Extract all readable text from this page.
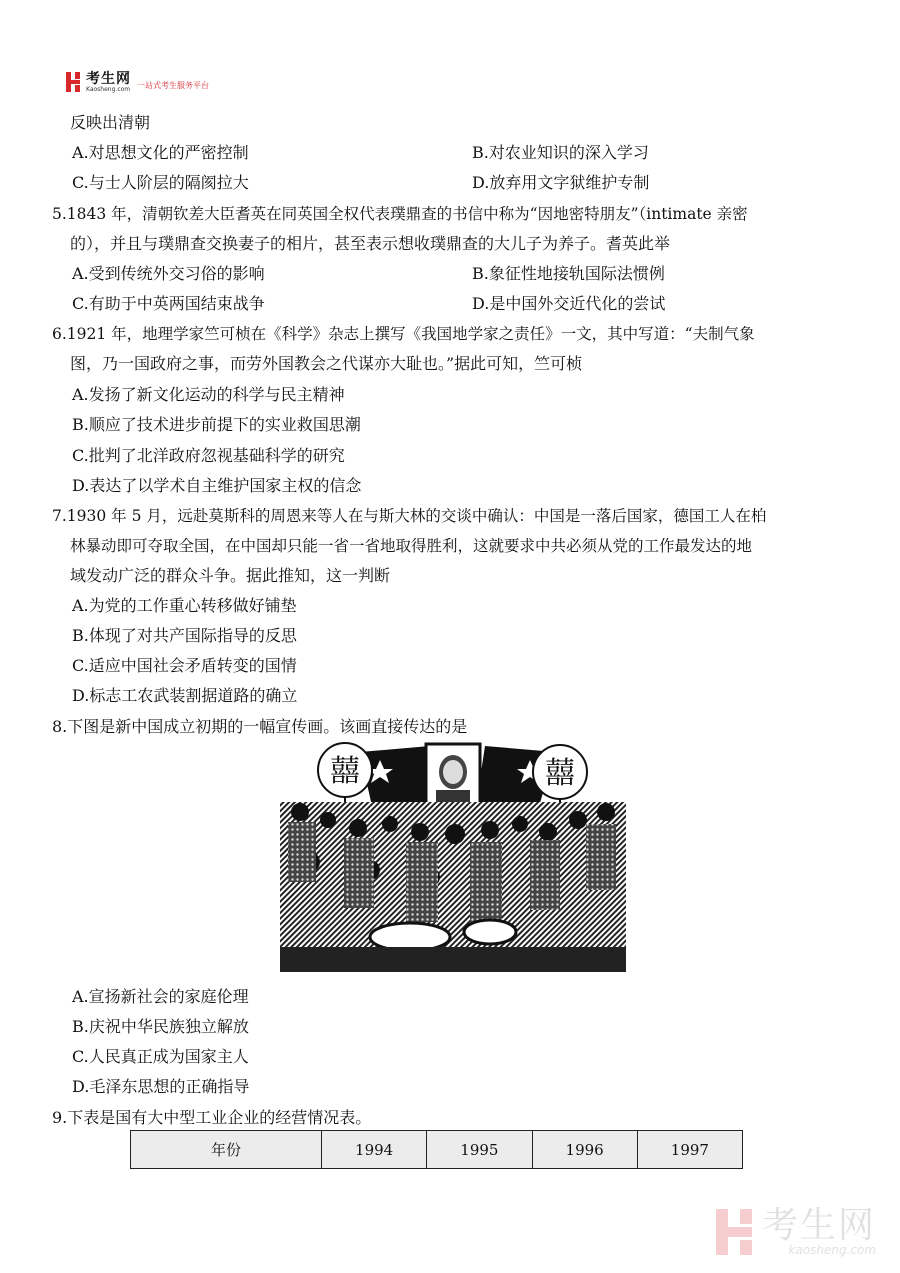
考生网
Kaosheng.com 一站式考生服务平台
反映出清朝
A.对思想文化的严密控制	B.对农业知识的深入学习
C.与士人阶层的隔阂拉大	D.放弃用文字狱维护专制
5.1843 年，清朝钦差大臣耆英在同英国全权代表璞鼎查的书信中称为“因地密特朋友”（intimate 亲密
的），并且与璞鼎查交换妻子的相片，甚至表示想收璞鼎查的大儿子为养子。耆英此举
A.受到传统外交习俗的影响	B.象征性地接轨国际法惯例
C.有助于中英两国结束战争	D.是中国外交近代化的尝试
6.1921 年，地理学家竺可桢在《科学》杂志上撰写《我国地学家之责任》一文，其中写道：“夫制气象
图，乃一国政府之事，而劳外国教会之代谋亦大耻也。”据此可知，竺可桢
A.发扬了新文化运动的科学与民主精神
B.顺应了技术进步前提下的实业救国思潮
C.批判了北洋政府忽视基础科学的研究
D.表达了以学术自主维护国家主权的信念
7.1930 年 5 月，远赴莫斯科的周恩来等人在与斯大林的交谈中确认：中国是一落后国家，德国工人在柏
林暴动即可夺取全国，在中国却只能一省一省地取得胜利，这就要求中共必须从党的工作最发达的地
域发动广泛的群众斗争。据此推知，这一判断
A.为党的工作重心转移做好铺垫
B.体现了对共产国际指导的反思
C.适应中国社会矛盾转变的国情
D.标志工农武装割据道路的确立
8.下图是新中国成立初期的一幅宣传画。该画直接传达的是
囍	囍
A.宣扬新社会的家庭伦理
B.庆祝中华民族独立解放
C.人民真正成为国家主人
D.毛泽东思想的正确指导
9.下表是国有大中型工业企业的经营情况表。
年份	1994	1995	1996	1997
考生网
kaosheng.com
